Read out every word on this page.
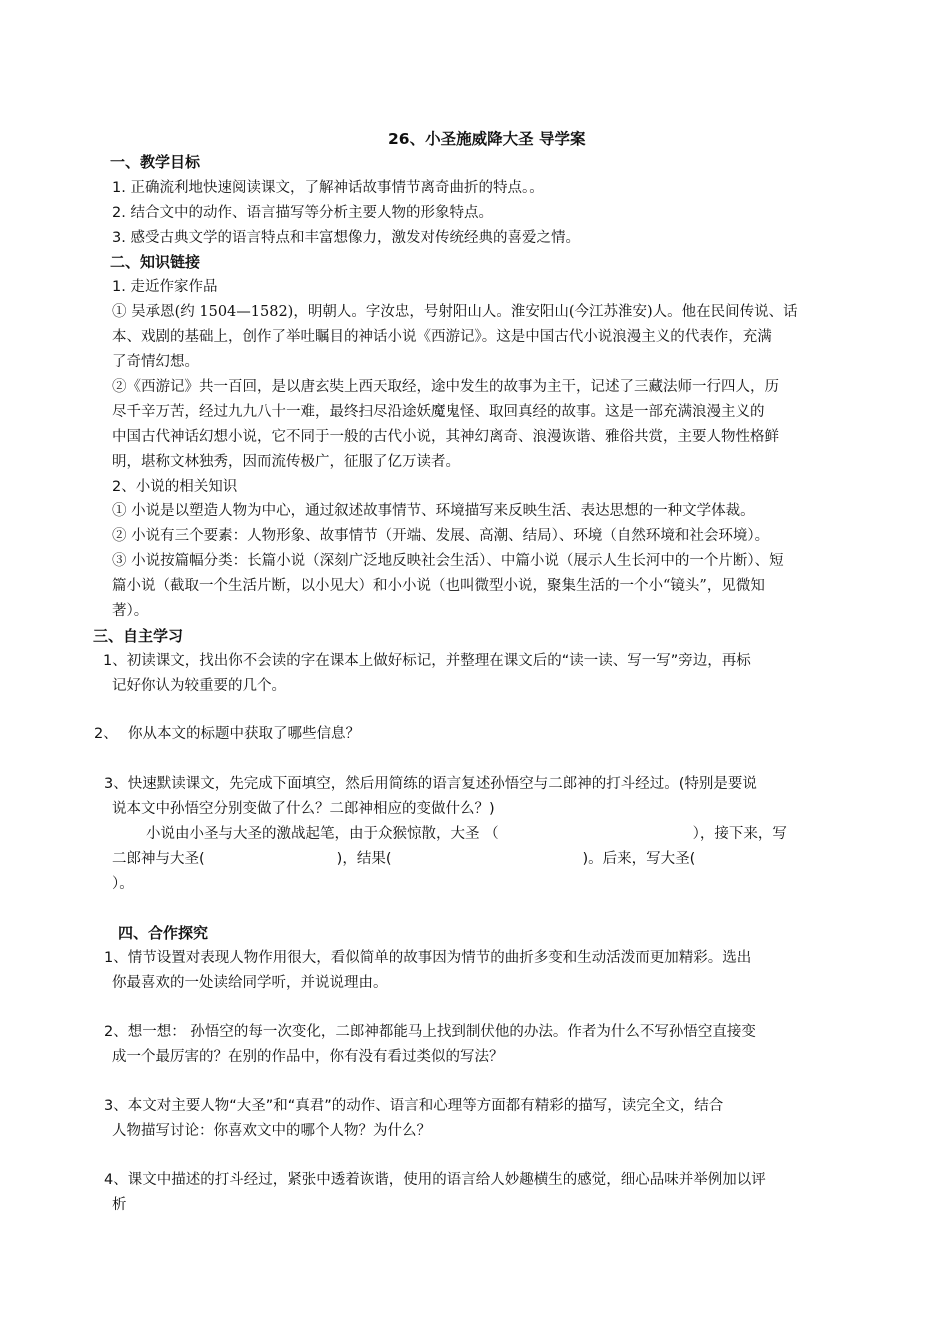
26、小圣施威降大圣 导学案
一、教学目标
1. 正确流利地快速阅读课文，了解神话故事情节离奇曲折的特点。。
2. 结合文中的动作、语言描写等分析主要人物的形象特点。
3. 感受古典文学的语言特点和丰富想像力，激发对传统经典的喜爱之情。
二、知识链接
1. 走近作家作品
① 吴承恩(约 1504—1582)，明朝人。字汝忠，号射阳山人。淮安阳山(今江苏淮安)人。他在民间传说、话
本、戏剧的基础上，创作了举吐瞩目的神话小说《西游记》。这是中国古代小说浪漫主义的代表作，充满
了奇情幻想。
②《西游记》共一百回，是以唐玄奘上西天取经，途中发生的故事为主干，记述了三藏法师一行四人，历
尽千辛万苦，经过九九八十一难，最终扫尽沿途妖魔鬼怪、取回真经的故事。这是一部充满浪漫主义的
中国古代神话幻想小说，它不同于一般的古代小说，其神幻离奇、浪漫诙谐、雅俗共赏，主要人物性格鲜
明，堪称文林独秀，因而流传极广，征服了亿万读者。
2、小说的相关知识
① 小说是以塑造人物为中心，通过叙述故事情节、环境描写来反映生活、表达思想的一种文学体裁。
② 小说有三个要素：人物形象、故事情节（开端、发展、高潮、结局）、环境（自然环境和社会环境）。
③ 小说按篇幅分类：长篇小说（深刻广泛地反映社会生活）、中篇小说（展示人生长河中的一个片断）、短
篇小说（截取一个生活片断，以小见大）和小小说（也叫微型小说，聚集生活的一个小“镜头”，见微知
著）。
三、自主学习
1、初读课文，找出你不会读的字在课本上做好标记，并整理在课文后的“读一读、写一写”旁边，再标
记好你认为较重要的几个。
2、 你从本文的标题中获取了哪些信息？
3、快速默读课文，先完成下面填空，然后用简练的语言复述孙悟空与二郎神的打斗经过。(特别是要说
说本文中孙悟空分别变做了什么？二郎神相应的变做什么？)
小说由小圣与大圣的激战起笔，由于众猴惊散，大圣 （	），接下来，写
二郎神与大圣(	)，结果(	)。后来，写大圣(
）。
四、合作探究
1、情节设置对表现人物作用很大，看似简单的故事因为情节的曲折多变和生动活泼而更加精彩。选出
你最喜欢的一处读给同学听，并说说理由。
2、想一想： 孙悟空的每一次变化，二郎神都能马上找到制伏他的办法。作者为什么不写孙悟空直接变
成一个最厉害的？在别的作品中，你有没有看过类似的写法？
3、本文对主要人物“大圣”和“真君”的动作、语言和心理等方面都有精彩的描写，读完全文，结合
人物描写讨论：你喜欢文中的哪个人物？为什么？
4、课文中描述的打斗经过，紧张中透着诙谐，使用的语言给人妙趣横生的感觉，细心品味并举例加以评
析
